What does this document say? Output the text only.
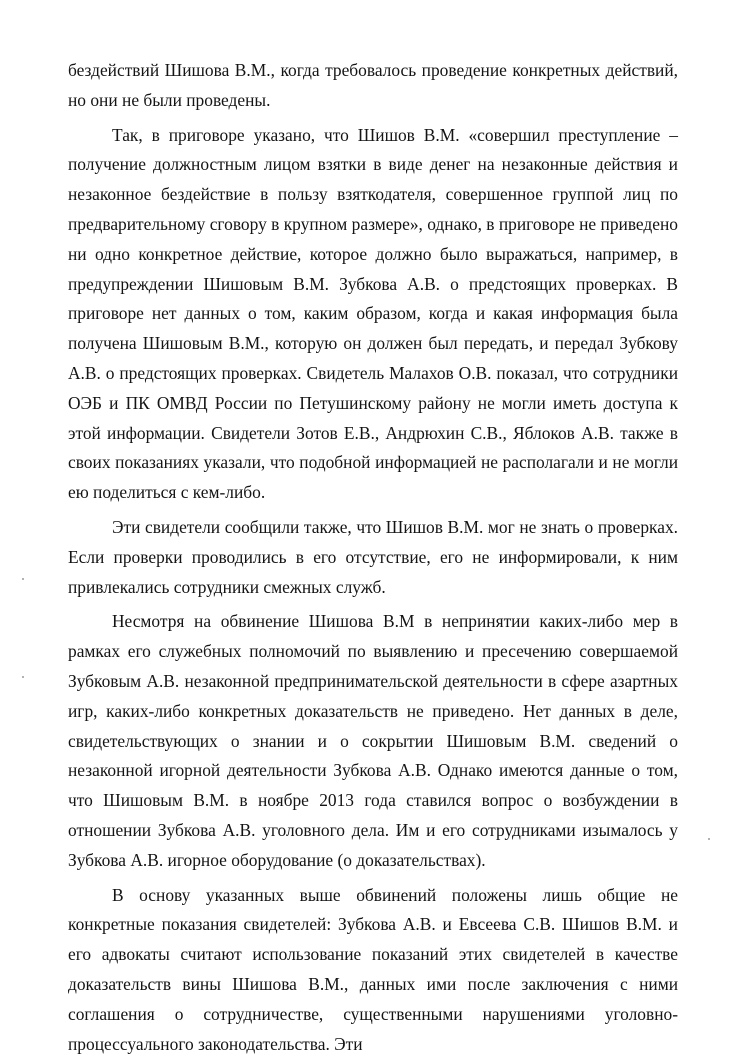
бездействий Шишова В.М., когда требовалось проведение конкретных действий, но они не были проведены.

Так, в приговоре указано, что Шишов В.М. «совершил преступление – получение должностным лицом взятки в виде денег на незаконные действия и незаконное бездействие в пользу взяткодателя, совершенное группой лиц по предварительному сговору в крупном размере», однако, в приговоре не приведено ни одно конкретное действие, которое должно было выражаться, например, в предупреждении Шишовым В.М. Зубкова А.В. о предстоящих проверках. В приговоре нет данных о том, каким образом, когда и какая информация была получена Шишовым В.М., которую он должен был передать, и передал Зубкову А.В. о предстоящих проверках. Свидетель Малахов О.В. показал, что сотрудники ОЭБ и ПК ОМВД России по Петушинскому району не могли иметь доступа к этой информации. Свидетели Зотов Е.В., Андрюхин С.В., Яблоков А.В. также в своих показаниях указали, что подобной информацией не располагали и не могли ею поделиться с кем-либо.

Эти свидетели сообщили также, что Шишов В.М. мог не знать о проверках. Если проверки проводились в его отсутствие, его не информировали, к ним привлекались сотрудники смежных служб.

Несмотря на обвинение Шишова В.М в непринятии каких-либо мер в рамках его служебных полномочий по выявлению и пресечению совершаемой Зубковым А.В. незаконной предпринимательской деятельности в сфере азартных игр, каких-либо конкретных доказательств не приведено. Нет данных в деле, свидетельствующих о знании и о сокрытии Шишовым В.М. сведений о незаконной игорной деятельности Зубкова А.В. Однако имеются данные о том, что Шишовым В.М. в ноябре 2013 года ставился вопрос о возбуждении в отношении Зубкова А.В. уголовного дела. Им и его сотрудниками изымалось у Зубкова А.В. игорное оборудование (о доказательствах).

В основу указанных выше обвинений положены лишь общие не конкретные показания свидетелей: Зубкова А.В. и Евсеева С.В. Шишов В.М. и его адвокаты считают использование показаний этих свидетелей в качестве доказательств вины Шишова В.М., данных ими после заключения с ними соглашения о сотрудничестве, существенными нарушениями уголовно-процессуального законодательства. Эти
